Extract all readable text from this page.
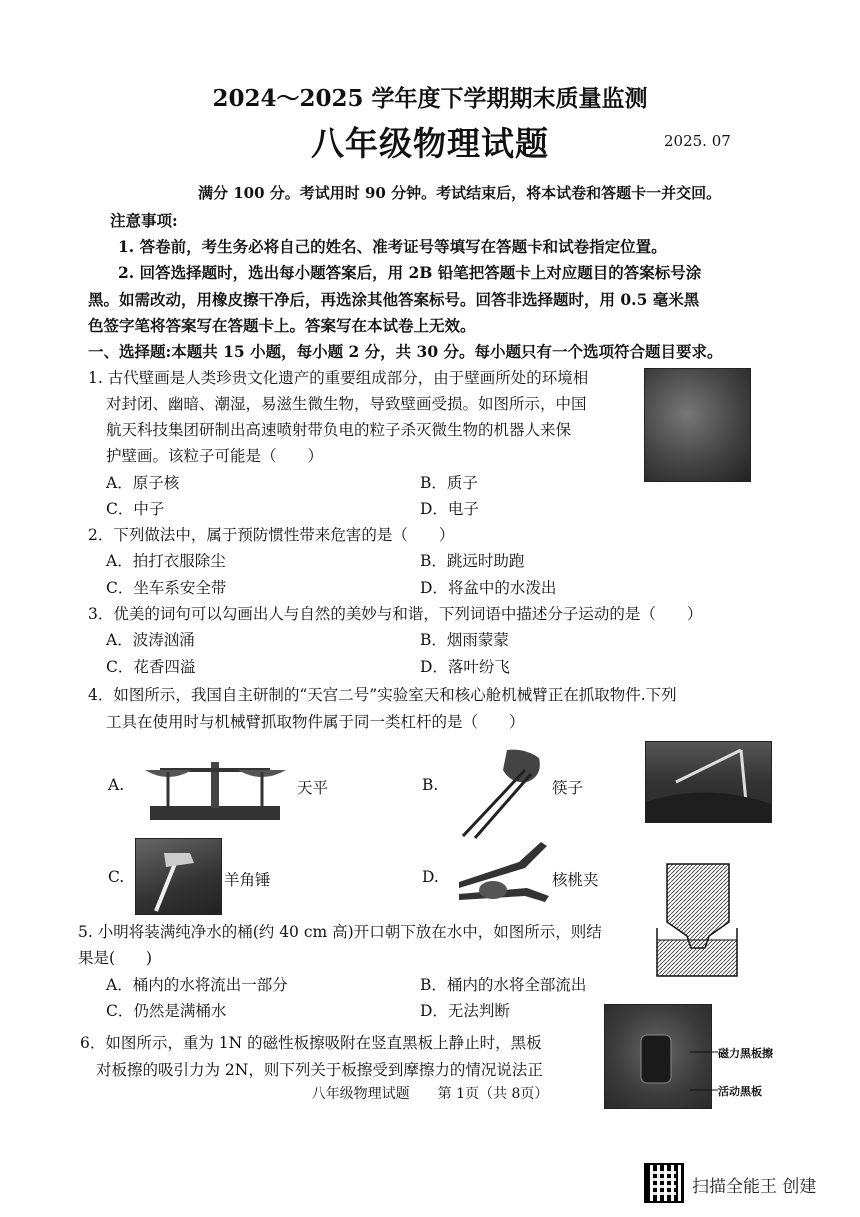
2024～2025 学年度下学期期末质量监测
八年级物理试题	2025. 07
满分 100 分。考试用时 90 分钟。考试结束后，将本试卷和答题卡一并交回。
注意事项:
1. 答卷前，考生务必将自己的姓名、准考证号等填写在答题卡和试卷指定位置。
2. 回答选择题时，选出每小题答案后，用 2B 铅笔把答题卡上对应题目的答案标号涂
黑。如需改动，用橡皮擦干净后，再选涂其他答案标号。回答非选择题时，用 0.5 毫米黑
色签字笔将答案写在答题卡上。答案写在本试卷上无效。
一、选择题:本题共 15 小题，每小题 2 分，共 30 分。每小题只有一个选项符合题目要求。
1. 古代壁画是人类珍贵文化遗产的重要组成部分，由于壁画所处的环境相
对封闭、幽暗、潮湿，易滋生微生物，导致壁画受损。如图所示，中国
航天科技集团研制出高速喷射带负电的粒子杀灭微生物的机器人来保
护壁画。该粒子可能是（　　）
A．原子核	B．质子
C．中子	D．电子
2．下列做法中，属于预防惯性带来危害的是（　　）
A．拍打衣服除尘	B．跳远时助跑
C．坐车系安全带	D．将盆中的水泼出
3．优美的词句可以勾画出人与自然的美妙与和谐，下列词语中描述分子运动的是（　　）
A．波涛汹涌	B．烟雨蒙蒙
C．花香四溢	D．落叶纷飞
4．如图所示，我国自主研制的“天宫二号”实验室天和核心舱机械臂正在抓取物件.下列
工具在使用时与机械臂抓取物件属于同一类杠杆的是（　　）
A.	天平	B.	筷子
C.	羊角锤	D.	核桃夹
5. 小明将装满纯净水的桶(约 40 cm 高)开口朝下放在水中，如图所示，则结
果是(　　)
A．桶内的水将流出一部分	B．桶内的水将全部流出
C．仍然是满桶水	D．无法判断
6．如图所示，重为 1N 的磁性板擦吸附在竖直黑板上静止时，黑板
对板擦的吸引力为 2N，则下列关于板擦受到摩擦力的情况说法正
磁力黑板擦
活动黑板
八年级物理试题　　第 1页（共 8页）
扫描全能王 创建
